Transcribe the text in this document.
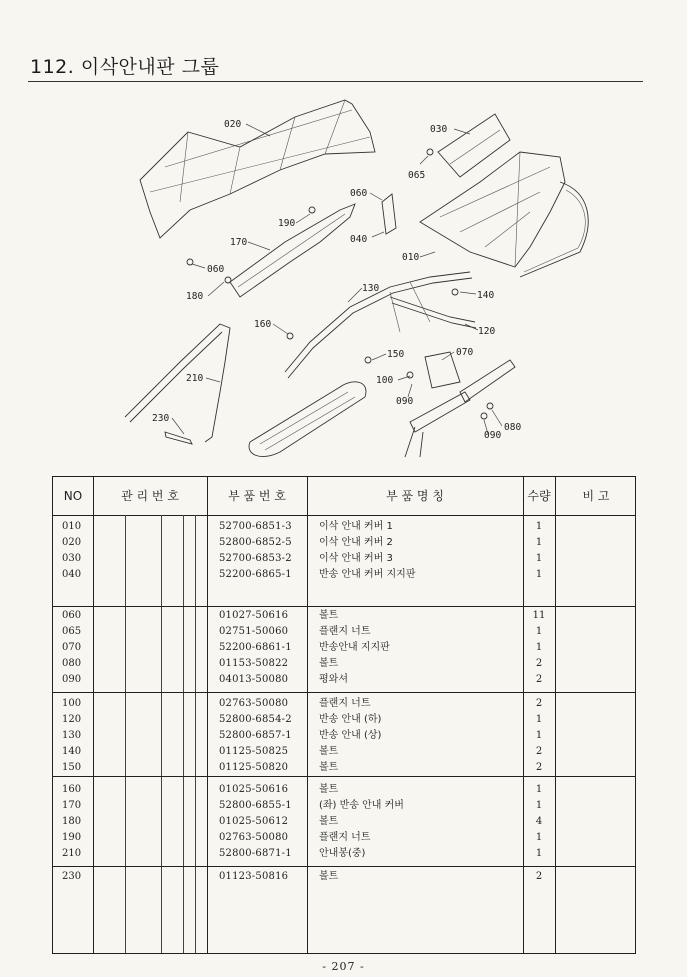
112. 이삭안내판 그룹
020	030
065
060
040
190
170
010
060
180
130
140
160
120
070
150
100
210
090
230
080
090
NO	관 리 번 호	부 품 번 호	부 품 명 칭	수량	비 고
010	52700-6851-3	이삭 안내 커버 1	1
020	52800-6852-5	이삭 안내 커버 2	1
030	52700-6853-2	이삭 안내 커버 3	1
040	52200-6865-1	반송 안내 커버 지지판	1
060	01027-50616	볼트	11
065	02751-50060	플랜지 너트	1
070	52200-6861-1	반송안내 지지판	1
080	01153-50822	볼트	2
090	04013-50080	평와셔	2
100	02763-50080	플랜지 너트	2
120	52800-6854-2	반송 안내 (하)	1
130	52800-6857-1	반송 안내 (상)	1
140	01125-50825	볼트	2
150	01125-50820	볼트	2
160	01025-50616	볼트	1
170	52800-6855-1	(좌) 반송 안내 커버	1
180	01025-50612	볼트	4
190	02763-50080	플랜지 너트	1
210	52800-6871-1	안내봉(중)	1
230	01123-50816	볼트	2
- 207 -
